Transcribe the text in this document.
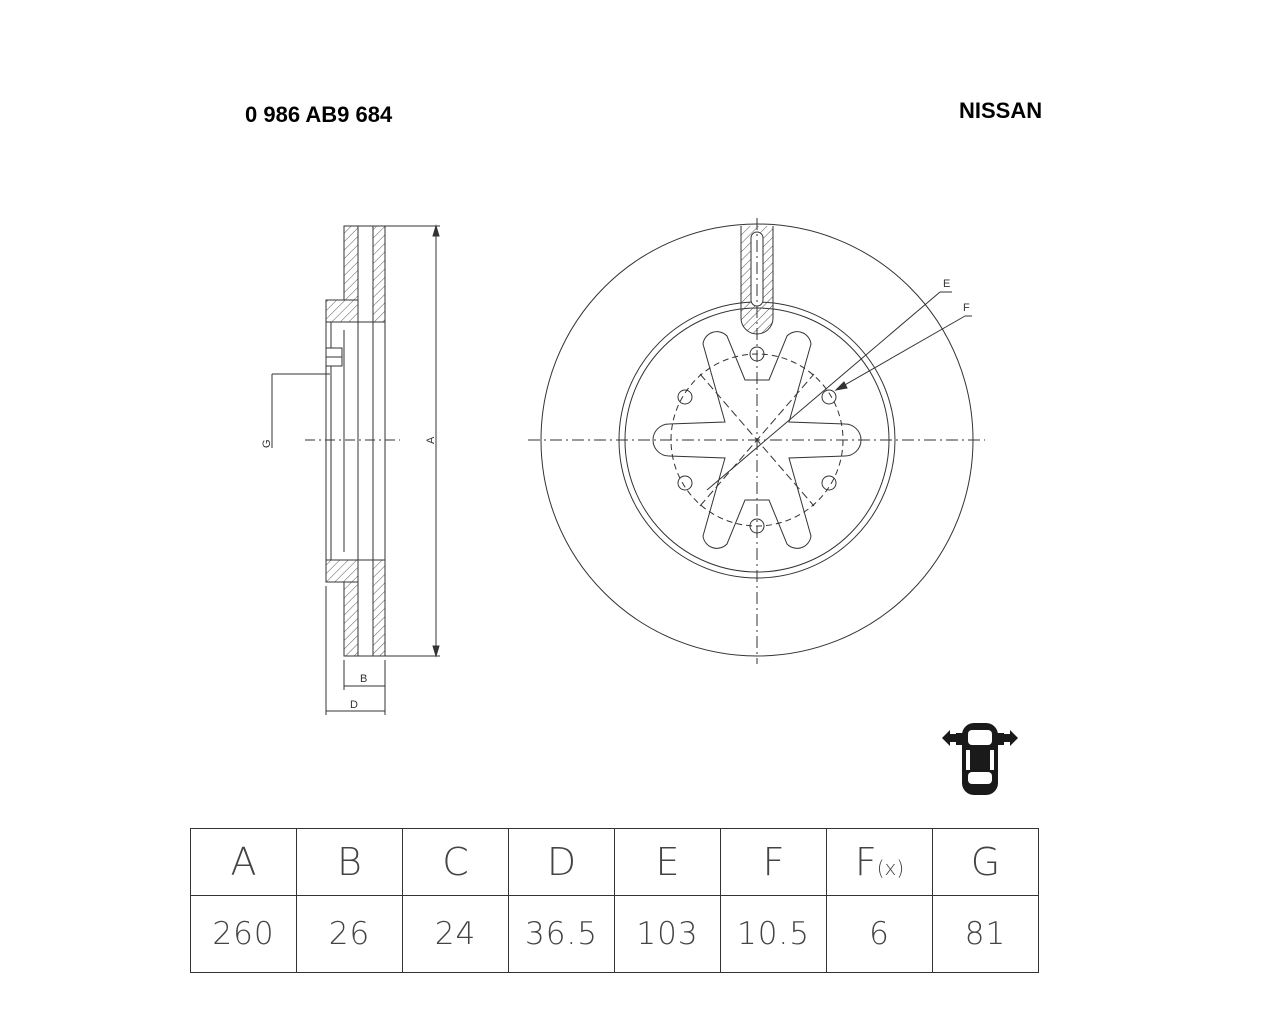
0 986 AB9 684	NISSAN
A
G
B
D
E
F
A	B	C	D	E	F	F(x)	G
260	26	24	36.5	103	10.5	6	81
